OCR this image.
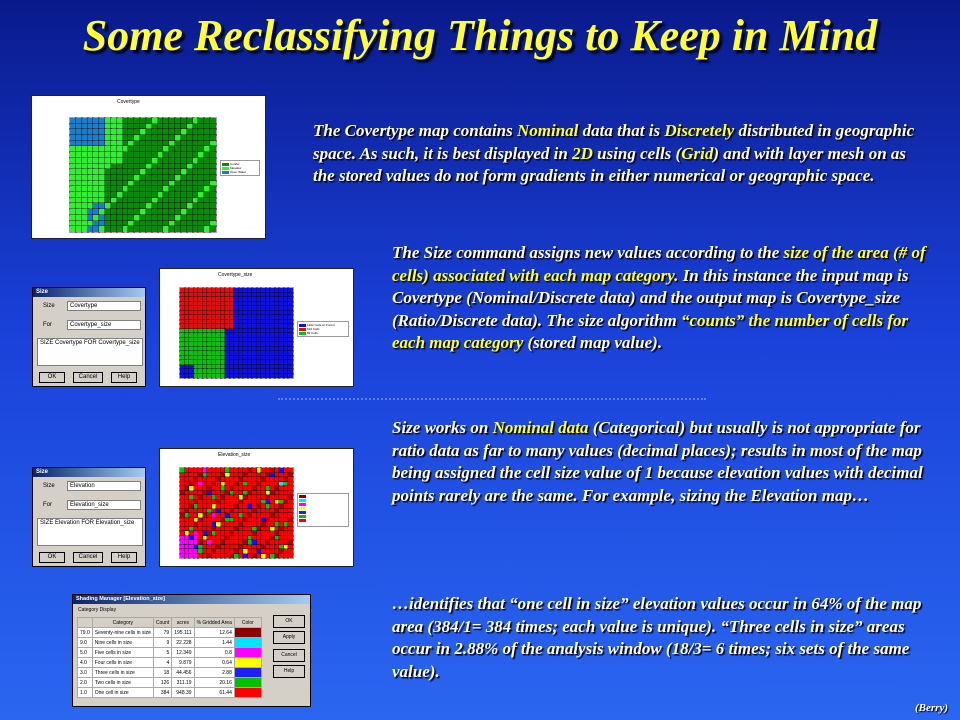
Some Reclassifying Things to Keep in Mind
Covertype
Conifer
Meadow
Open Water
The Covertype map contains Nominal data that is Discretely distributed in geographic space. As such, it is best displayed in 2D using cells (Grid) and with layer mesh on as the stored values do not form gradients in either numerical or geographic space.
Size
Size	Covertype
For	Covertype_size
SIZE Covertype FOR Covertype_size
OK	Cancel	Help
Covertype_size
1302 Cells on Forest
616 Cells
89 Cells
The Size command assigns new values according to the size of the area (# of cells) associated with each map category. In this instance the input map is Covertype (Nominal/Discrete data) and the output map is Covertype_size (Ratio/Discrete data). The size algorithm “counts” the number of cells for each map category (stored map value).
Size
Size	Elevation
For	Elevation_size
SIZE Elevation FOR Elevation_size
OK	Cancel	Help
Elevation_size
Size works on Nominal data (Categorical) but usually is not appropriate for ratio data as far to many values (decimal places); results in most of the map being assigned the cell size value of 1 because elevation values with decimal points rarely are the same. For example, sizing the Elevation map…
Shading Manager [Elevation_size]
Category Display
	Category	Count	acres	% Gridded Area	Color
79.0	Seventy-nine cells in size	79	195.111	12.64	
9.0	Nine cells in size	9	22.228	1.44	
5.0	Five cells in size	5	12.349	0.8	
4.0	Four cells in size	4	9.879	0.64	
3.0	Three cells in size	18	44.456	2.88	
2.0	Two cells in size	126	311.19	20.16	
1.0	One cell in size	384	948.39	61.44	
OK
Apply
Cancel
Help
…identifies that “one cell in size” elevation values occur in 64% of the map area (384/1= 384 times; each value is unique). “Three cells in size” areas occur in 2.88% of the analysis window (18/3= 6 times; six sets of the same value).
(Berry)
